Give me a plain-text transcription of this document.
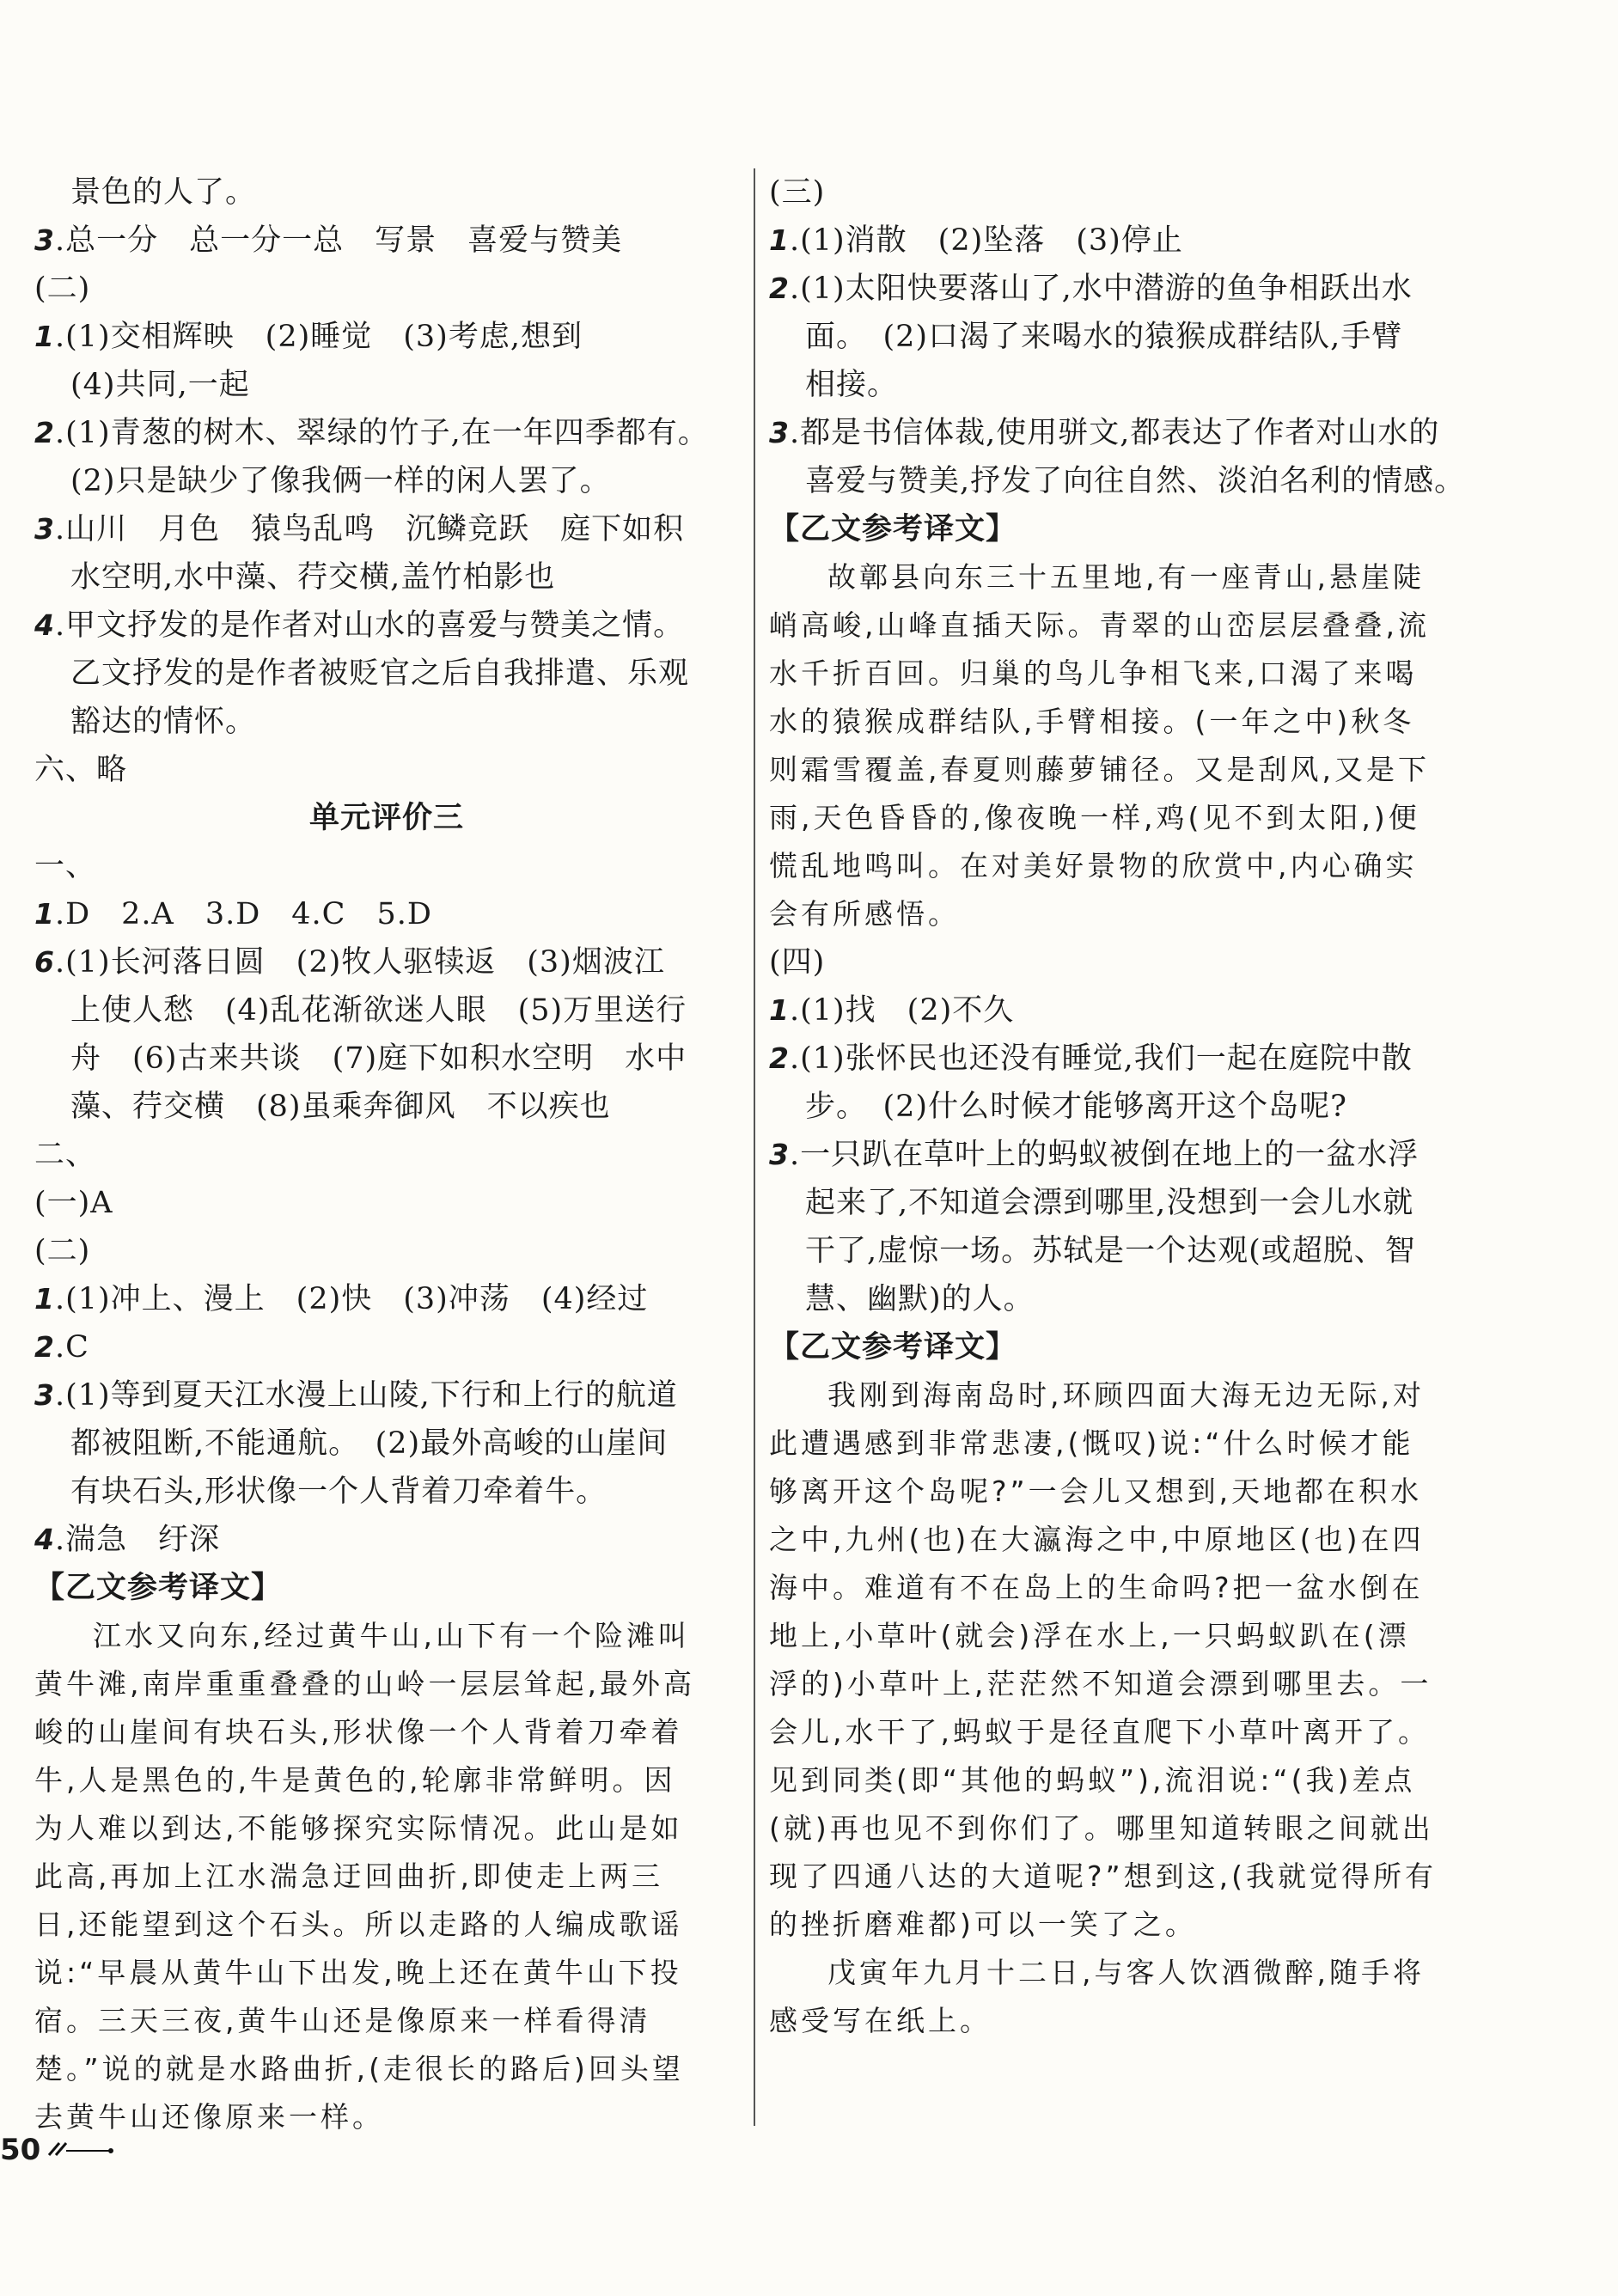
景色的人了。
3.总一分　总一分一总　写景　喜爱与赞美
(二)
1.(1)交相辉映　(2)睡觉　(3)考虑,想到
(4)共同,一起
2.(1)青葱的树木、翠绿的竹子,在一年四季都有。
(2)只是缺少了像我俩一样的闲人罢了。
3.山川　月色　猿鸟乱鸣　沉鳞竞跃　庭下如积
水空明,水中藻、荇交横,盖竹柏影也
4.甲文抒发的是作者对山水的喜爱与赞美之情。
乙文抒发的是作者被贬官之后自我排遣、乐观
豁达的情怀。
六、略
单元评价三
一、
1.D　2.A　3.D　4.C　5.D
6.(1)长河落日圆　(2)牧人驱犊返　(3)烟波江
上使人愁　(4)乱花渐欲迷人眼　(5)万里送行
舟　(6)古来共谈　(7)庭下如积水空明　水中
藻、荇交横　(8)虽乘奔御风　不以疾也
二、
(一)A
(二)
1.(1)冲上、漫上　(2)快　(3)冲荡　(4)经过
2.C
3.(1)等到夏天江水漫上山陵,下行和上行的航道
都被阻断,不能通航。　(2)最外高峻的山崖间
有块石头,形状像一个人背着刀牵着牛。
4.湍急　纡深
【乙文参考译文】
江水又向东,经过黄牛山,山下有一个险滩叫
黄牛滩,南岸重重叠叠的山岭一层层耸起,最外高
峻的山崖间有块石头,形状像一个人背着刀牵着
牛,人是黑色的,牛是黄色的,轮廓非常鲜明。因
为人难以到达,不能够探究实际情况。此山是如
此高,再加上江水湍急迂回曲折,即使走上两三
日,还能望到这个石头。所以走路的人编成歌谣
说:“早晨从黄牛山下出发,晚上还在黄牛山下投
宿。三天三夜,黄牛山还是像原来一样看得清
楚。”说的就是水路曲折,(走很长的路后)回头望
去黄牛山还像原来一样。
(三)
1.(1)消散　(2)坠落　(3)停止
2.(1)太阳快要落山了,水中潜游的鱼争相跃出水
面。　(2)口渴了来喝水的猿猴成群结队,手臂
相接。
3.都是书信体裁,使用骈文,都表达了作者对山水的
喜爱与赞美,抒发了向往自然、淡泊名利的情感。
【乙文参考译文】
故鄣县向东三十五里地,有一座青山,悬崖陡
峭高峻,山峰直插天际。青翠的山峦层层叠叠,流
水千折百回。归巢的鸟儿争相飞来,口渴了来喝
水的猿猴成群结队,手臂相接。(一年之中)秋冬
则霜雪覆盖,春夏则藤萝铺径。又是刮风,又是下
雨,天色昏昏的,像夜晚一样,鸡(见不到太阳,)便
慌乱地鸣叫。在对美好景物的欣赏中,内心确实
会有所感悟。
(四)
1.(1)找　(2)不久
2.(1)张怀民也还没有睡觉,我们一起在庭院中散
步。　(2)什么时候才能够离开这个岛呢?
3.一只趴在草叶上的蚂蚁被倒在地上的一盆水浮
起来了,不知道会漂到哪里,没想到一会儿水就
干了,虚惊一场。苏轼是一个达观(或超脱、智
慧、幽默)的人。
【乙文参考译文】
我刚到海南岛时,环顾四面大海无边无际,对
此遭遇感到非常悲凄,(慨叹)说:“什么时候才能
够离开这个岛呢?”一会儿又想到,天地都在积水
之中,九州(也)在大瀛海之中,中原地区(也)在四
海中。难道有不在岛上的生命吗?把一盆水倒在
地上,小草叶(就会)浮在水上,一只蚂蚁趴在(漂
浮的)小草叶上,茫茫然不知道会漂到哪里去。一
会儿,水干了,蚂蚁于是径直爬下小草叶离开了。
见到同类(即“其他的蚂蚁”),流泪说:“(我)差点
(就)再也见不到你们了。哪里知道转眼之间就出
现了四通八达的大道呢?”想到这,(我就觉得所有
的挫折磨难都)可以一笑了之。
戊寅年九月十二日,与客人饮酒微醉,随手将
感受写在纸上。
50
